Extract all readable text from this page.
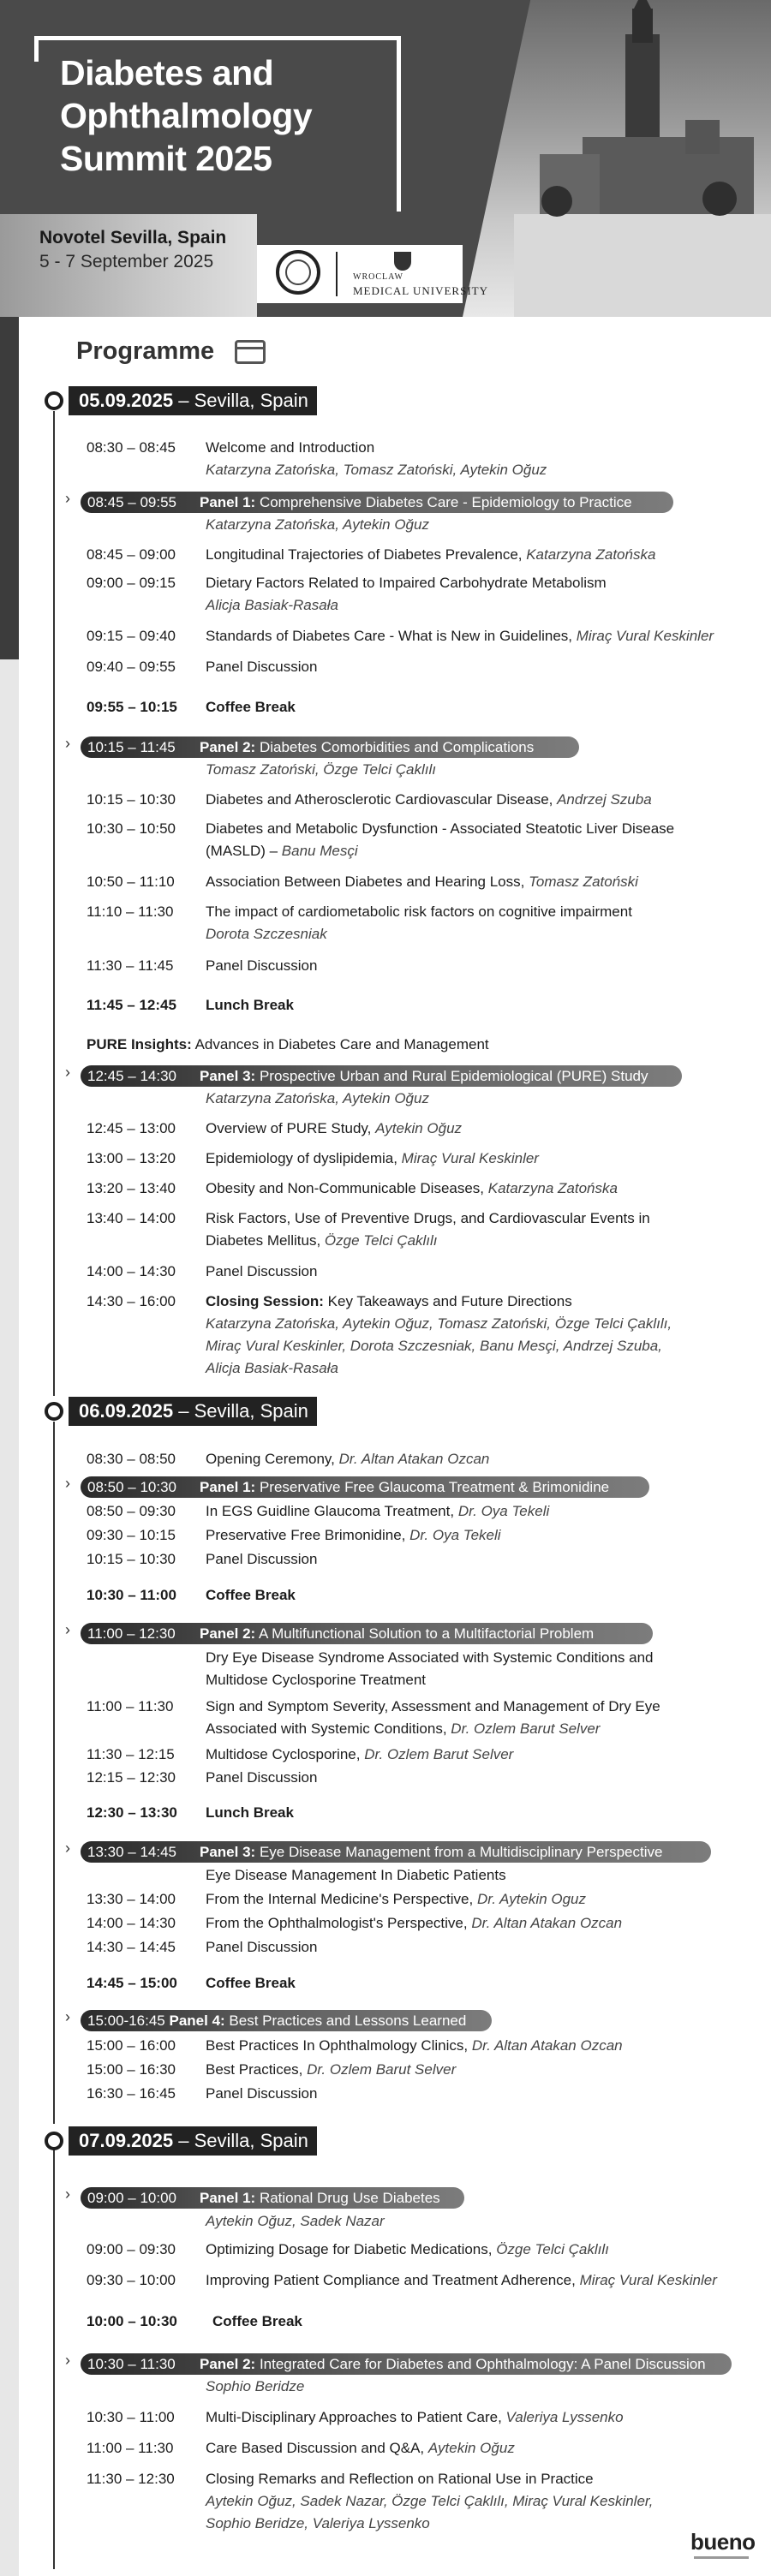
Diabetes and
Ophthalmology
Summit 2025
Novotel Sevilla, Spain
5 - 7 September 2025
WROCLAW
MEDICAL UNIVERSITY
Programme
05.09.2025 – Sevilla, Spain
08:30 – 08:45 Welcome and Introduction
Katarzyna Zatońska, Tomasz Zatoński, Aytekin Oğuz
›	08:45 – 09:55 Panel 1: Comprehensive Diabetes Care - Epidemiology to Practice
Katarzyna Zatońska, Aytekin Oğuz
08:45 – 09:00 Longitudinal Trajectories of Diabetes Prevalence, Katarzyna Zatońska
09:00 – 09:15 Dietary Factors Related to Impaired Carbohydrate Metabolism
Alicja Basiak-Rasała
09:15 – 09:40 Standards of Diabetes Care - What is New in Guidelines, Miraç Vural Keskinler
09:40 – 09:55 Panel Discussion
09:55 – 10:15 Coffee Break
›	10:15 – 11:45 Panel 2: Diabetes Comorbidities and Complications
Tomasz Zatoński, Özge Telci Çaklılı
10:15 – 10:30 Diabetes and Atherosclerotic Cardiovascular Disease, Andrzej Szuba
10:30 – 10:50 Diabetes and Metabolic Dysfunction - Associated Steatotic Liver Disease
(MASLD) – Banu Mesçi
10:50 – 11:10 Association Between Diabetes and Hearing Loss, Tomasz Zatoński
11:10 – 11:30 The impact of cardiometabolic risk factors on cognitive impairment
Dorota Szczesniak
11:30 – 11:45 Panel Discussion
11:45 – 12:45 Lunch Break
PURE Insights: Advances in Diabetes Care and Management
›	12:45 – 14:30 Panel 3: Prospective Urban and Rural Epidemiological (PURE) Study
Katarzyna Zatońska, Aytekin Oğuz
12:45 – 13:00 Overview of PURE Study, Aytekin Oğuz
13:00 – 13:20 Epidemiology of dyslipidemia, Miraç Vural Keskinler
13:20 – 13:40 Obesity and Non-Communicable Diseases, Katarzyna Zatońska
13:40 – 14:00 Risk Factors, Use of Preventive Drugs, and Cardiovascular Events in
Diabetes Mellitus, Özge Telci Çaklılı
14:00 – 14:30 Panel Discussion
14:30 – 16:00 Closing Session: Key Takeaways and Future Directions
Katarzyna Zatońska, Aytekin Oğuz, Tomasz Zatoński, Özge Telci Çaklılı,
Miraç Vural Keskinler, Dorota Szczesniak, Banu Mesçi, Andrzej Szuba,
Alicja Basiak-Rasała
06.09.2025 – Sevilla, Spain
08:30 – 08:50 Opening Ceremony, Dr. Altan Atakan Ozcan
›	08:50 – 10:30 Panel 1: Preservative Free Glaucoma Treatment & Brimonidine
08:50 – 09:30 In EGS Guidline Glaucoma Treatment, Dr. Oya Tekeli
09:30 – 10:15 Preservative Free Brimonidine, Dr. Oya Tekeli
10:15 – 10:30 Panel Discussion
10:30 – 11:00 Coffee Break
›	11:00 – 12:30 Panel 2: A Multifunctional Solution to a Multifactorial Problem
Dry Eye Disease Syndrome Associated with Systemic Conditions and
Multidose Cyclosporine Treatment
11:00 – 11:30 Sign and Symptom Severity, Assessment and Management of Dry Eye
Associated with Systemic Conditions, Dr. Ozlem Barut Selver
11:30 – 12:15 Multidose Cyclosporine, Dr. Ozlem Barut Selver
12:15 – 12:30 Panel Discussion
12:30 – 13:30 Lunch Break
›	13:30 – 14:45 Panel 3: Eye Disease Management from a Multidisciplinary Perspective
Eye Disease Management In Diabetic Patients
13:30 – 14:00 From the Internal Medicine's Perspective, Dr. Aytekin Oguz
14:00 – 14:30 From the Ophthalmologist's Perspective, Dr. Altan Atakan Ozcan
14:30 – 14:45 Panel Discussion
14:45 – 15:00 Coffee Break
›	15:00-16:45 Panel 4: Best Practices and Lessons Learned
15:00 – 16:00 Best Practices In Ophthalmology Clinics, Dr. Altan Atakan Ozcan
15:00 – 16:30 Best Practices, Dr. Ozlem Barut Selver
16:30 – 16:45 Panel Discussion
07.09.2025 – Sevilla, Spain
›	09:00 – 10:00 Panel 1: Rational Drug Use Diabetes
Aytekin Oğuz, Sadek Nazar
09:00 – 09:30 Optimizing Dosage for Diabetic Medications, Özge Telci Çaklılı
09:30 – 10:00 Improving Patient Compliance and Treatment Adherence, Miraç Vural Keskinler
10:00 – 10:30 Coffee Break
›	10:30 – 11:30 Panel 2: Integrated Care for Diabetes and Ophthalmology: A Panel Discussion
Sophio Beridze
10:30 – 11:00 Multi-Disciplinary Approaches to Patient Care, Valeriya Lyssenko
11:00 – 11:30 Care Based Discussion and Q&A, Aytekin Oğuz
11:30 – 12:30 Closing Remarks and Reflection on Rational Use in Practice
Aytekin Oğuz, Sadek Nazar, Özge Telci Çaklılı, Miraç Vural Keskinler,
Sophio Beridze, Valeriya Lyssenko
bueno
